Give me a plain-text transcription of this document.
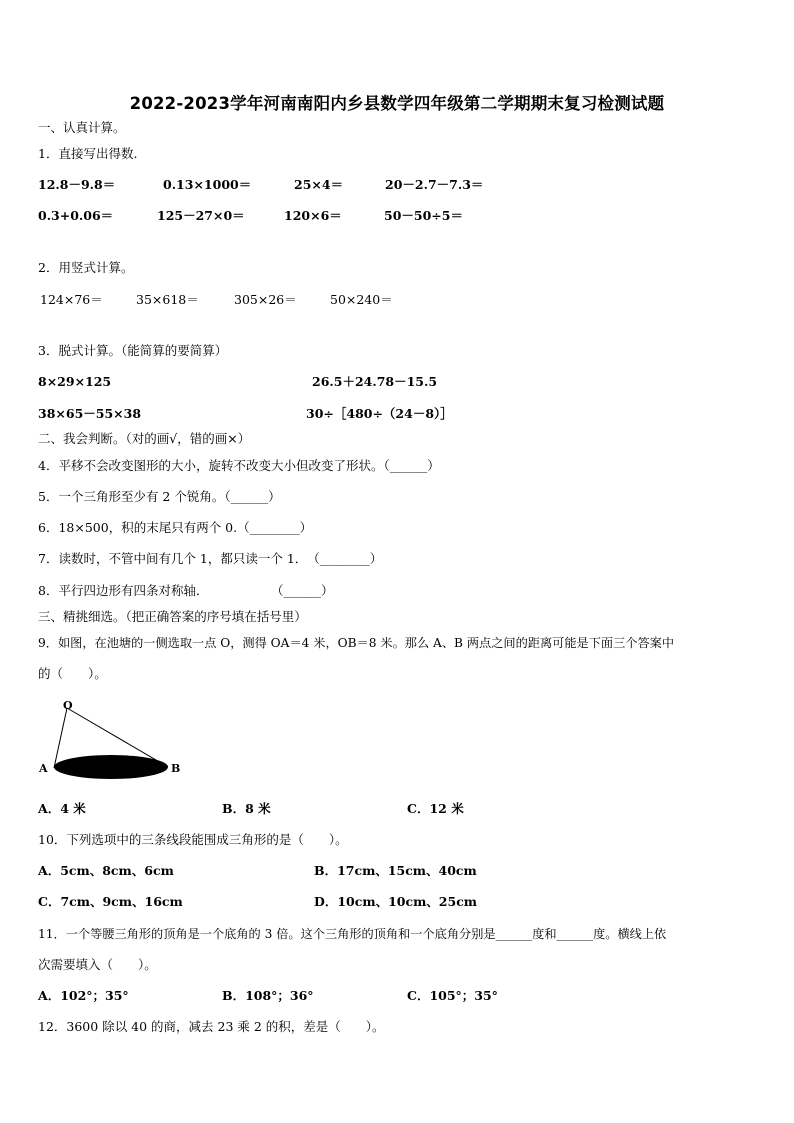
2022-2023学年河南南阳内乡县数学四年级第二学期期末复习检测试题
一、认真计算。
1．直接写出得数.
12.8－9.8＝	0.13×1000＝	25×4＝	20－2.7－7.3＝
0.3+0.06＝	125－27×0＝	120×6＝	50－50÷5＝
2．用竖式计算。
124×76＝	35×618＝	305×26＝	50×240＝
3．脱式计算。（能简算的要简算）
8×29×125	26.5＋24.78－15.5
38×65－55×38	30÷［480÷（24－8）］
二、我会判断。（对的画√，错的画×）
4．平移不会改变图形的大小，旋转不改变大小但改变了形状。（______）
5．一个三角形至少有 2 个锐角。（______）
6．18×500，积的末尾只有两个 0.（________）
7．读数时，不管中间有几个 1，都只读一个 1．　（________）
8．平行四边形有四条对称轴．　　　　　　（______）
三、精挑细选。（把正确答案的序号填在括号里）
9．如图，在池塘的一侧选取一点 O，测得 OA＝4 米，OB＝8 米。那么 A、B 两点之间的距离可能是下面三个答案中
的（　　）。
O
A	B
A．4 米	B．8 米	C．12 米
10．下列选项中的三条线段能围成三角形的是（　　）。
A．5cm、8cm、6cm	B．17cm、15cm、40cm
C．7cm、9cm、16cm	D．10cm、10cm、25cm
11．一个等腰三角形的顶角是一个底角的 3 倍。这个三角形的顶角和一个底角分别是______度和______度。横线上依
次需要填入（　　）。
A．102°；35°	B．108°；36°	C．105°；35°
12．3600 除以 40 的商，减去 23 乘 2 的积，差是（　　）。
